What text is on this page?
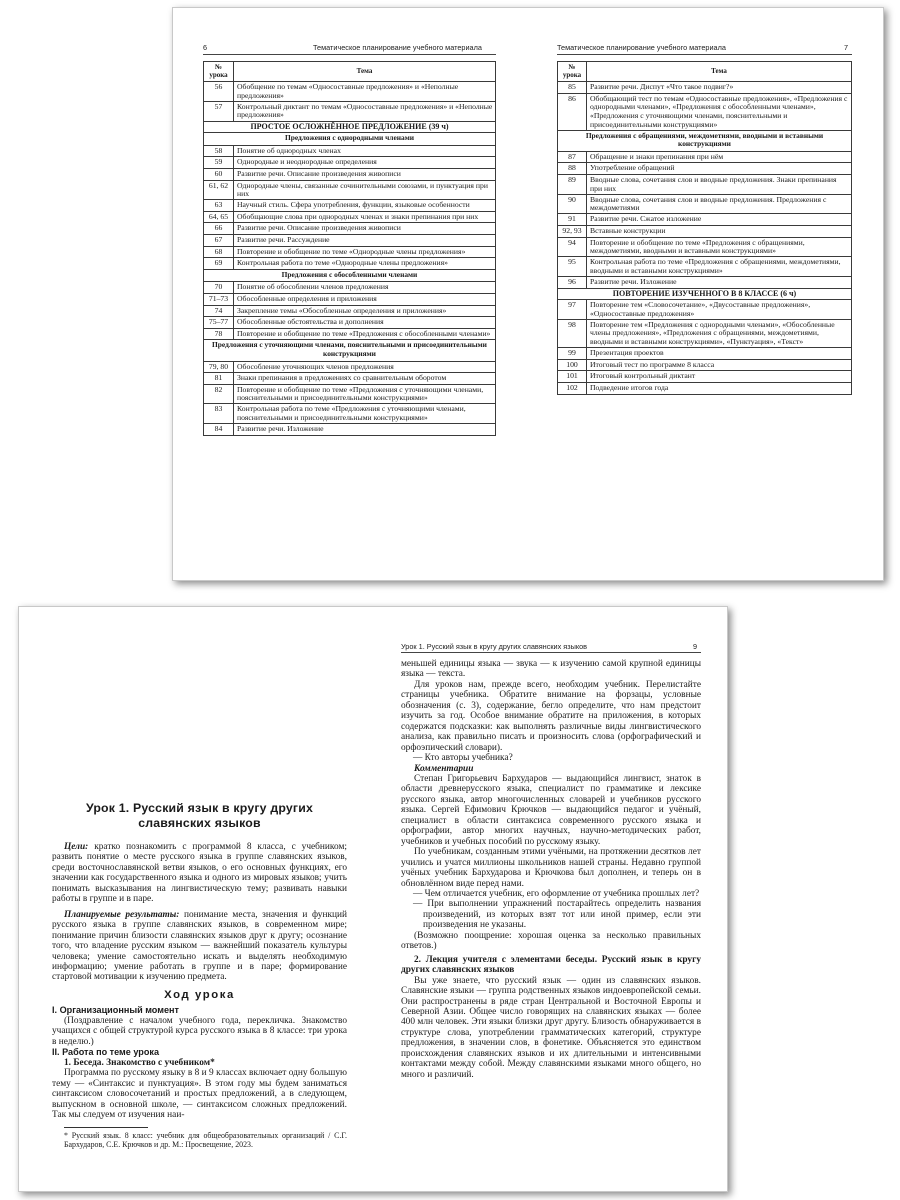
6	Тематическое планирование учебного материала
№ урока	Тема
56	Обобщение по темам «Односоставные предложения» и «Неполные предложения»
57	Контрольный диктант по темам «Односоставные предложения» и «Неполные предложения»
ПРОСТОЕ ОСЛОЖНЁННОЕ ПРЕДЛОЖЕНИЕ (39 ч)	
Предложения с однородными членами	
58	Понятие об однородных членах
59	Однородные и неоднородные определения
60	Развитие речи. Описание произведения живописи
61, 62	Однородные члены, связанные сочинительными союзами, и пунктуация при них
63	Научный стиль. Сфера употребления, функции, языковые особенности
64, 65	Обобщающие слова при однородных членах и знаки препинания при них
66	Развитие речи. Описание произведения живописи
67	Развитие речи. Рассуждение
68	Повторение и обобщение по теме «Однородные члены предложения»
69	Контрольная работа по теме «Однородные члены предложения»
Предложения с обособленными членами	
70	Понятие об обособлении членов предложения
71–73	Обособленные определения и приложения
74	Закрепление темы «Обособленные определения и приложения»
75–77	Обособленные обстоятельства и дополнения
78	Повторение и обобщение по теме «Предложения с обособленными членами»
Предложения с уточняющими членами, пояснительными и присоединительными конструкциями	
79, 80	Обособление уточняющих членов предложения
81	Знаки препинания в предложениях со сравнительным оборотом
82	Повторение и обобщение по теме «Предложения с уточняющими членами, пояснительными и присоединительными конструкциями»
83	Контрольная работа по теме «Предложения с уточняющими членами, пояснительными и присоединительными конструкциями»
84	Развитие речи. Изложение
Тематическое планирование учебного материала	7
№ урока	Тема
85	Развитие речи. Диспут «Что такое подвиг?»
86	Обобщающий тест по темам «Односоставные предложения», «Предложения с однородными членами», «Предложения с обособленными членами», «Предложения с уточняющими членами, пояснительными и присоединительными конструкциями»
Предложения с обращениями, междометиями, вводными и вставными конструкциями	
87	Обращение и знаки препинания при нём
88	Употребление обращений
89	Вводные слова, сочетания слов и вводные предложения. Знаки препинания при них
90	Вводные слова, сочетания слов и вводные предложения. Предложения с междометиями
91	Развитие речи. Сжатое изложение
92, 93	Вставные конструкции
94	Повторение и обобщение по теме «Предложения с обращениями, междометиями, вводными и вставными конструкциями»
95	Контрольная работа по теме «Предложения с обращениями, междометиями, вводными и вставными конструкциями»
96	Развитие речи. Изложение
ПОВТОРЕНИЕ ИЗУЧЕННОГО В 8 КЛАССЕ (6 ч)	
97	Повторение тем «Словосочетание», «Двусоставные предложения», «Односоставные предложения»
98	Повторение тем «Предложения с однородными членами», «Обособленные члены предложения», «Предложения с обращениями, междометиями, вводными и вставными конструкциями», «Пунктуация», «Текст»
99	Презентация проектов
100	Итоговый тест по программе 8 класса
101	Итоговый контрольный диктант
102	Подведение итогов года
Урок 1. Русский язык в кругу других славянских языков

Цели: кратко познакомить с программой 8 класса, с учебником; развить понятие о месте русского языка в группе славянских языков, среди восточнославянской ветви языков, о его основных функциях, его значении как государственного языка и одного из мировых языков; учить понимать высказывания на лингвистическую тему; развивать навыки работы в группе и в паре.

Планируемые результаты: понимание места, значения и функций русского языка в группе славянских языков, в современном мире; понимание причин близости славянских языков друг к другу; осознание того, что владение русским языком — важнейший показатель культуры человека; умение самостоятельно искать и выделять необходимую информацию; умение работать в группе и в паре; формирование стартовой мотивации к изучению предмета.

Ход урока
I. Организационный момент

(Поздравление с началом учебного года, перекличка. Знакомство учащихся с общей структурой курса русского языка в 8 классе: три урока в неделю.)

II. Работа по теме урока

1. Беседа. Знакомство с учебником*

Программа по русскому языку в 8 и 9 классах включает одну большую тему — «Синтаксис и пунктуация». В этом году мы будем заниматься синтаксисом словосочетаний и простых предложений, а в следующем, выпускном в основной школе, — синтаксисом сложных предложений. Так мы следуем от изучения наи-

* Русский язык. 8 класс: учебник для общеобразовательных организаций / С.Г. Бархударов, С.Е. Крючков и др. М.: Просвещение, 2023.

Урок 1. Русский язык в кругу других славянских языков	9

меньшей единицы языка — звука — к изучению самой крупной единицы языка — текста.

Для уроков нам, прежде всего, необходим учебник. Перелистайте страницы учебника. Обратите внимание на форзацы, условные обозначения (с. 3), содержание, бегло определите, что нам предстоит изучить за год. Особое внимание обратите на приложения, в которых содержатся подсказки: как выполнять различные виды лингвистического анализа, как правильно писать и произносить слова (орфографический и орфоэпический словари).

— Кто авторы учебника?

Комментарии

Степан Григорьевич Бархударов — выдающийся лингвист, знаток в области древнерусского языка, специалист по грамматике и лексике русского языка, автор многочисленных словарей и учебников русского языка. Сергей Ефимович Крючков — выдающийся педагог и учёный, специалист в области синтаксиса современного русского языка и орфографии, автор многих научных, научно-методических работ, учебников и учебных пособий по русскому языку.

По учебникам, созданным этими учёными, на протяжении десятков лет учились и учатся миллионы школьников нашей страны. Недавно группой учёных учебник Бархударова и Крючкова был дополнен, и теперь он в обновлённом виде перед нами.

— Чем отличается учебник, его оформление от учебника прошлых лет?

— При выполнении упражнений постарайтесь определить названия произведений, из которых взят тот или иной пример, если эти произведения не указаны.

(Возможно поощрение: хорошая оценка за несколько правильных ответов.)

2. Лекция учителя с элементами беседы. Русский язык в кругу других славянских языков

Вы уже знаете, что русский язык — один из славянских языков. Славянские языки — группа родственных языков индоевропейской семьи. Они распространены в ряде стран Центральной и Восточной Европы и Северной Азии. Общее число говорящих на славянских языках — более 400 млн человек. Эти языки близки друг другу. Близость обнаруживается в структуре слова, употреблении грамматических категорий, структуре предложения, в значении слов, в фонетике. Объясняется это единством происхождения славянских языков и их длительными и интенсивными контактами между собой. Между славянскими языками много общего, но много и различий.
